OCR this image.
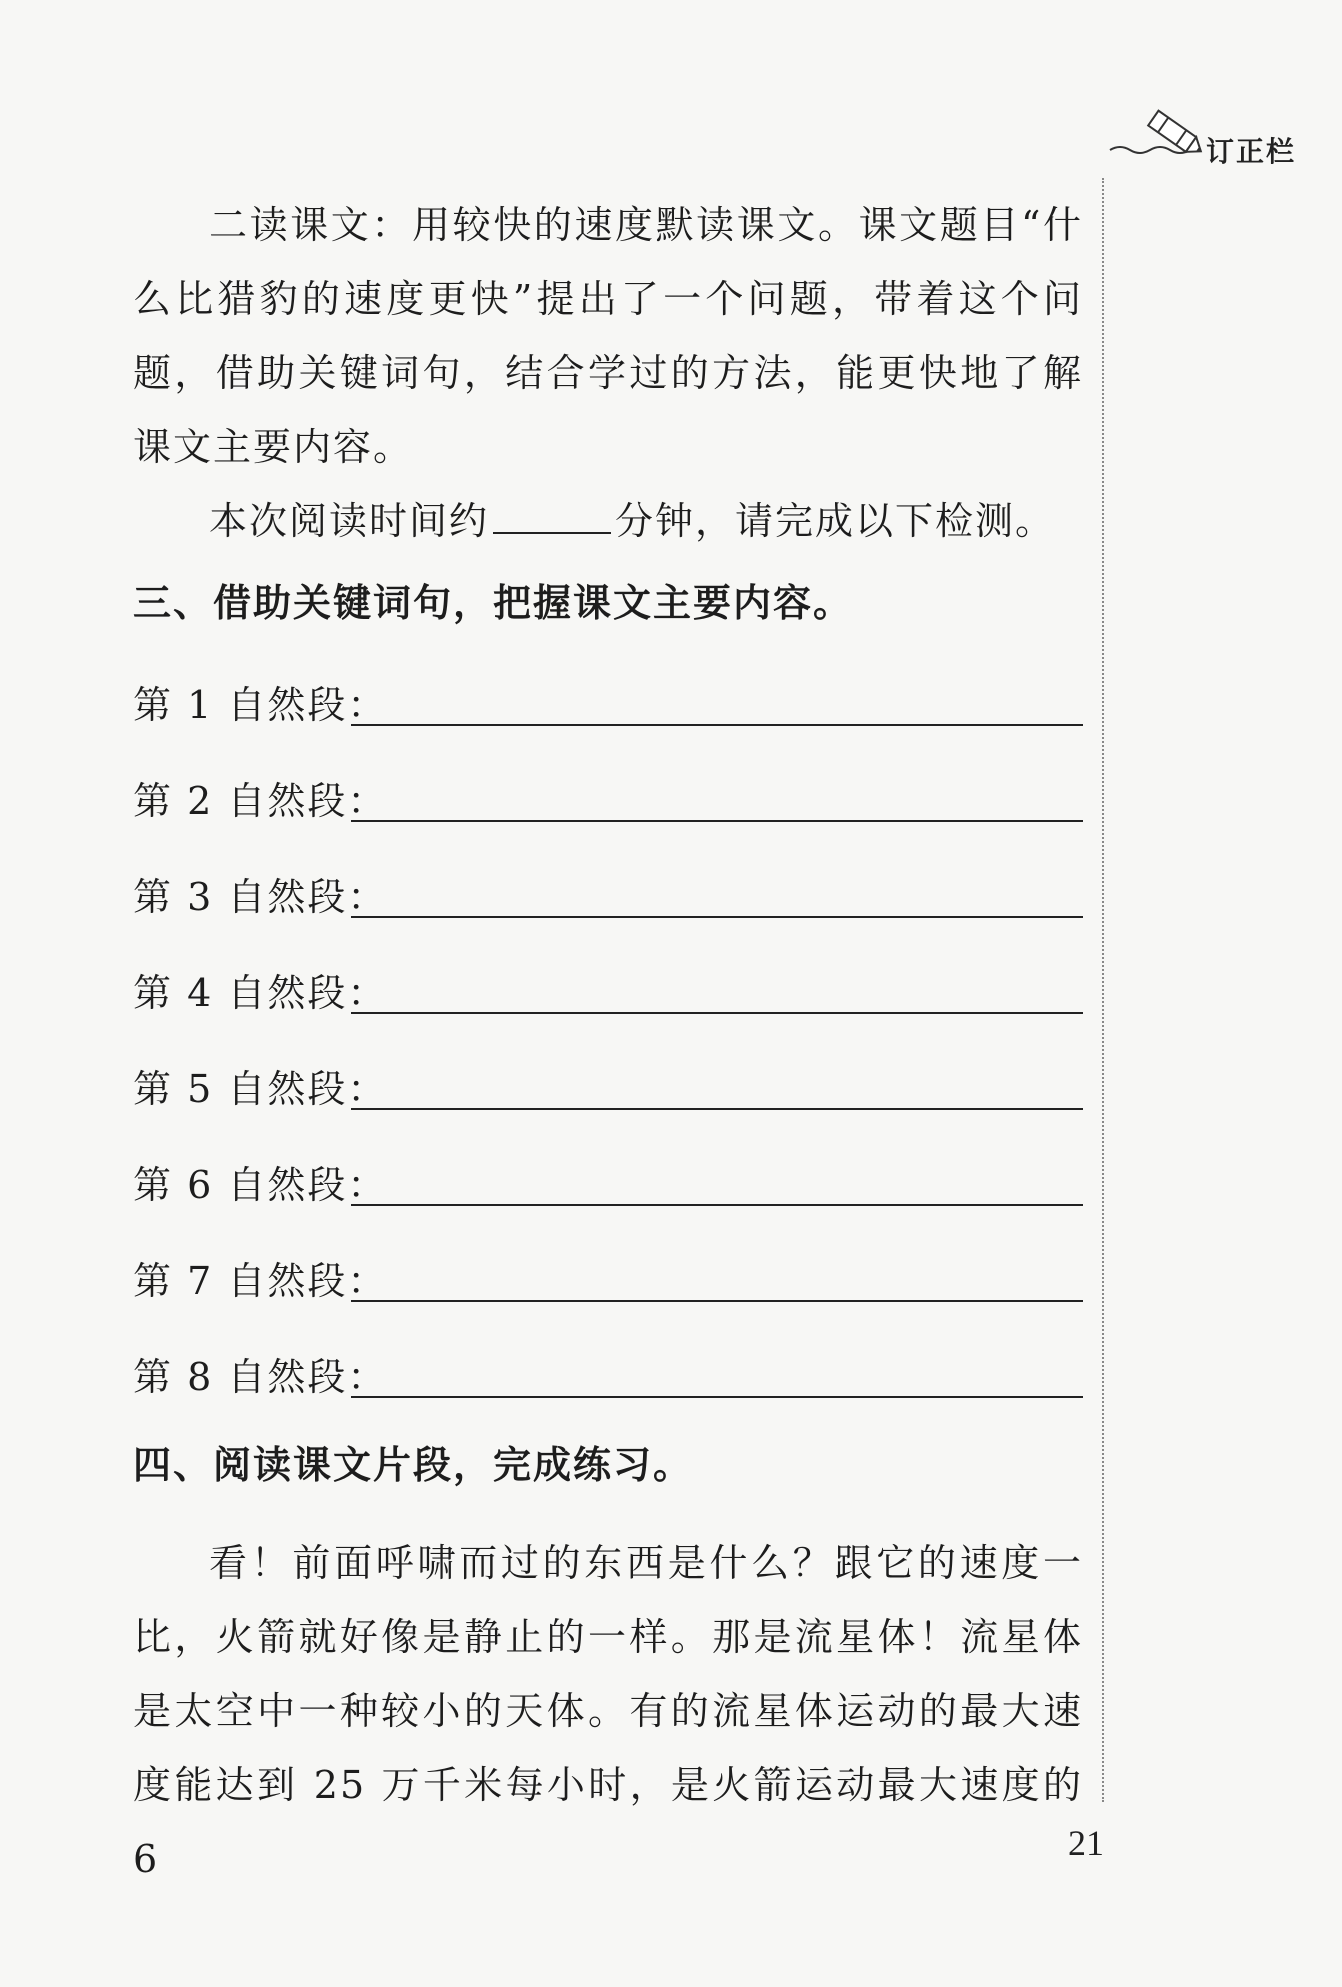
订正栏

二读课文：用较快的速度默读课文。课文题目“什么比猎豹的速度更快”提出了一个问题，带着这个问题，借助关键词句，结合学过的方法，能更快地了解课文主要内容。

本次阅读时间约	分钟，请完成以下检测。
三、借助关键词句，把握课文主要内容。
第 1 自然段：
第 2 自然段：
第 3 自然段：
第 4 自然段：
第 5 自然段：
第 6 自然段：
第 7 自然段：
第 8 自然段：
四、阅读课文片段，完成练习。

看！前面呼啸而过的东西是什么？跟它的速度一比，火箭就好像是静止的一样。那是流星体！流星体是太空中一种较小的天体。有的流星体运动的最大速度能达到 25 万千米每小时，是火箭运动最大速度的 6	21
